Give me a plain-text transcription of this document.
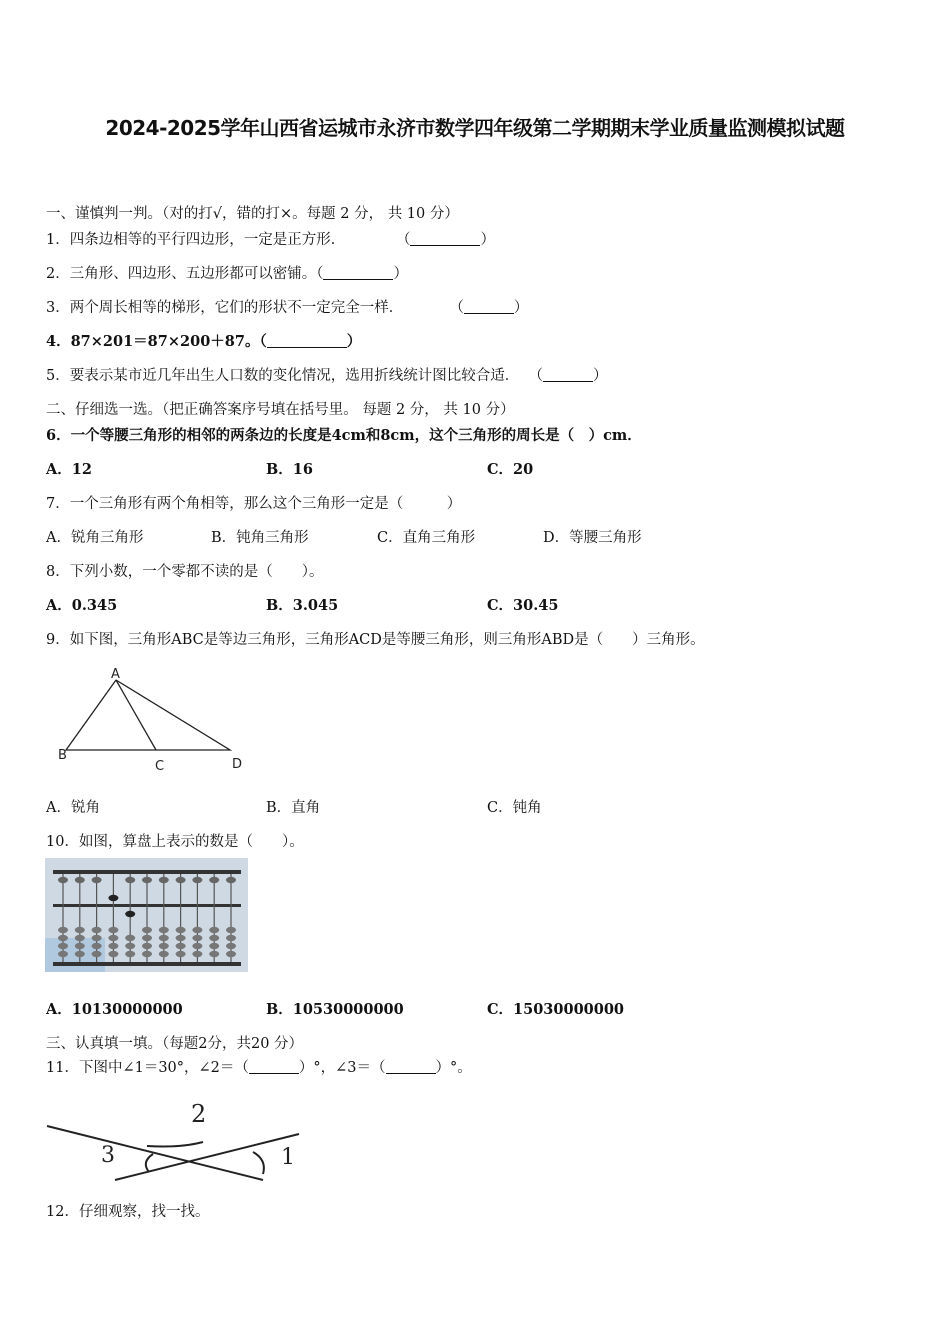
2024-2025学年山西省运城市永济市数学四年级第二学期期末学业质量监测模拟试题
一、谨慎判一判。（对的打√，错的打×。每题 2 分， 共 10 分）
1．四条边相等的平行四边形，一定是正方形．	（	）
2．三角形、四边形、五边形都可以密铺。（	）
3．两个周长相等的梯形，它们的形状不一定完全一样．	（	）
4．87×201＝87×200＋87。（	）
5．要表示某市近几年出生人口数的变化情况，选用折线统计图比较合适． （	）
二、仔细选一选。（把正确答案序号填在括号里。 每题 2 分， 共 10 分）
6．一个等腰三角形的相邻的两条边的长度是4cm和8cm，这个三角形的周长是（　）cm．
A．12	B．16	C．20
7．一个三角形有两个角相等，那么这个三角形一定是（　　　）
A．锐角三角形	B．钝角三角形	C．直角三角形	D．等腰三角形
8．下列小数，一个零都不读的是（　　）。
A．0.345	B．3.045	C．30.45
9．如下图，三角形ABC是等边三角形，三角形ACD是等腰三角形，则三角形ABD是（　　）三角形。
A
B
C	D
A．锐角	B．直角	C．钝角
10．如图，算盘上表示的数是（　　）。
A．10130000000	B．10530000000	C．15030000000
三、认真填一填。（每题2分，共20 分）
11．下图中∠1＝30°，∠2＝（	）°，∠3＝（	）°。
2
3	1
12．仔细观察，找一找。
